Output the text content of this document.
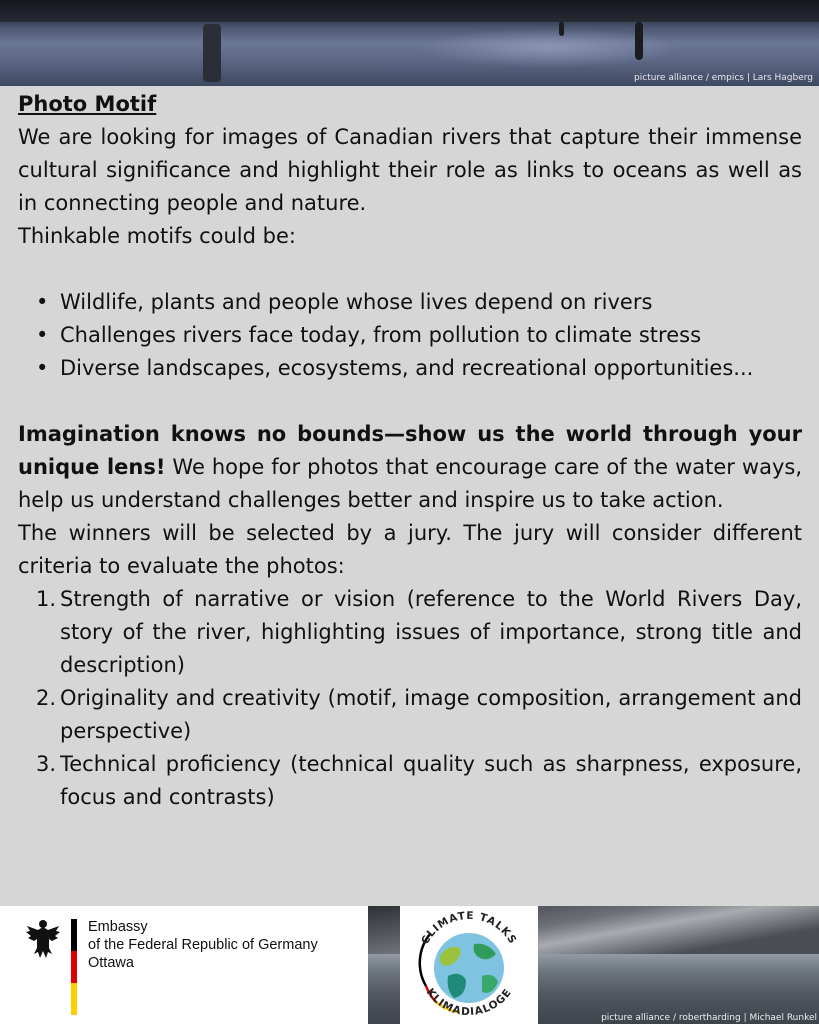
picture alliance / empics | Lars Hagberg
Photo Motif

We are looking for images of Canadian rivers that capture their immense cultural significance and highlight their role as links to oceans as well as in connecting people and nature.

Thinkable motifs could be:

• Wildlife, plants and people whose lives depend on rivers
• Challenges rivers face today, from pollution to climate stress
• Diverse landscapes, ecosystems, and recreational opportunities...

Imagination knows no bounds—show us the world through your unique lens! We hope for photos that encourage care of the water ways, help us understand challenges better and inspire us to take action.

The winners will be selected by a jury. The jury will consider different criteria to evaluate the photos:

1. Strength of narrative or vision (reference to the World Rivers Day, story of the river, highlighting issues of importance, strong title and description)
2. Originality and creativity (motif, image composition, arrangement and perspective)
3. Technical proficiency (technical quality such as sharpness, exposure, focus and contrasts)
Embassy
of the Federal Republic of Germany
Ottawa
picture alliance / robertharding | Michael Runkel
CLIMATE TALKS
KLIMADIALOGE
